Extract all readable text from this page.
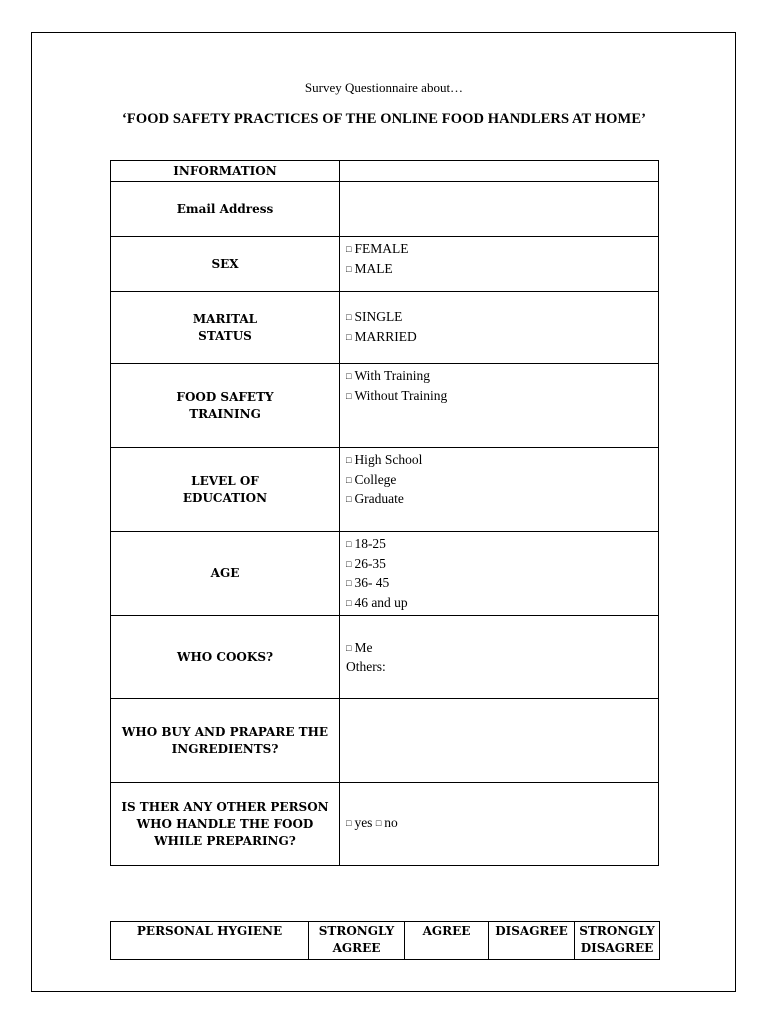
Survey Questionnaire about…
‘FOOD SAFETY PRACTICES OF THE ONLINE FOOD HANDLERS AT HOME’
INFORMATION	
Email Address	
SEX	□ FEMALE
□ MALE

MARITAL
STATUS	□ SINGLE
□ MARRIED

FOOD SAFETY
TRAINING	□ With Training
□ Without Training

LEVEL OF
EDUCATION	□ High School
□ College
□ Graduate

AGE	□ 18-25
□ 26-35
□ 36- 45
□ 46 and up

WHO COOKS?	□ Me
Others:

WHO BUY AND PRAPARE THE
INGREDIENTS?	
IS THER ANY OTHER PERSON
WHO HANDLE THE FOOD
WHILE PREPARING?	□ yes □ no
PERSONAL HYGIENE	STRONGLY
AGREE	AGREE	DISAGREE	STRONGLY
DISAGREE
